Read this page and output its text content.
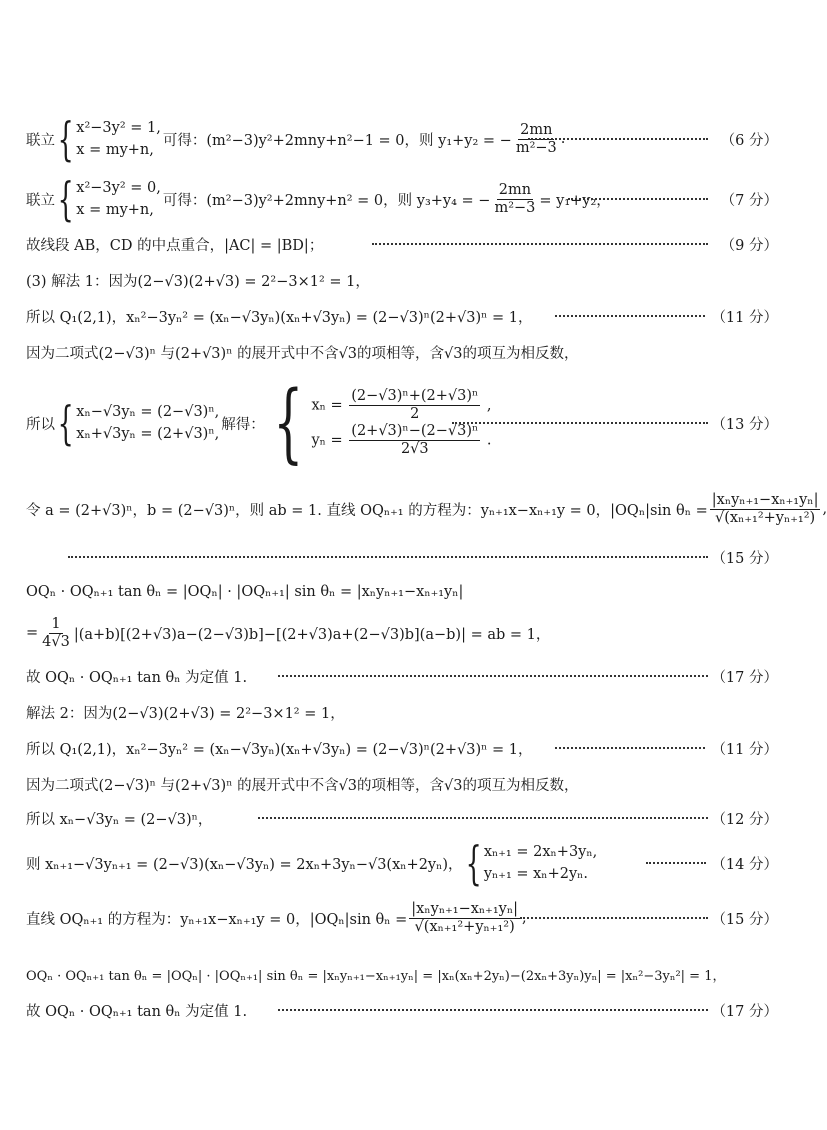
联立 { x²−3y² = 1,
x = my+n,
可得：(m²−3)y²+2mny+n²−1 = 0，则 y₁+y₂ = − $\frac{2mn}{\text{m²−3}}$ .	（6 分）
联立 { x²−3y² = 0,
x = my+n,
可得：(m²−3)y²+2mny+n² = 0，则 y₃+y₄ = − $\frac{2mn}{\text{m²−3}} = y_1+y_2$，	（7 分）
故线段 AB，CD 的中点重合，|AC| = |BD|；	（9 分）
(3) 解法 1：因为(2−√3)(2+√3) = 2²−3×1² = 1，
所以 Q₁(2,1)，xₙ²−3yₙ² = (xₙ−√3yₙ)(xₙ+√3yₙ) = (2−√3)ⁿ(2+√3)ⁿ = 1，	（11 分）
因为二项式(2−√3)ⁿ 与(2+√3)ⁿ 的展开式中不含√3的项相等，含√3的项互为相反数，
所以 { xₙ−√3yₙ = (2−√3)ⁿ,
xₙ+√3yₙ = (2+√3)ⁿ,
解得： { $x_n = \frac{\text{(2−√3)ⁿ+(2+√3)ⁿ}}{2}$ ,
$y_n = \frac{\text{(2+√3)ⁿ−(2−√3)ⁿ}}{2√3}$ .
（13 分）
令 a = (2+√3)ⁿ，b = (2−√3)ⁿ，则 ab = 1. 直线 OQₙ₊₁ 的方程为：yₙ₊₁x−xₙ₊₁y = 0，|OQₙ|sin $\theta_n = \frac{\text{|xₙyₙ₊₁−xₙ₊₁yₙ|}}{\text{√(xₙ₊₁²+yₙ₊₁²)}}$ ,
（15 分）
OQₙ · OQₙ₊₁ tan θₙ = |OQₙ| · |OQₙ₊₁| sin θₙ = |xₙyₙ₊₁−xₙ₊₁yₙ|
= $\frac{1}{4√3} |(a+b)[(2+√3)a-(2-√3)b]-[(2+√3)a+(2-√3)b](a-b)|$ = ab = 1，
故 OQₙ · OQₙ₊₁ tan θₙ 为定值 1.	（17 分）
解法 2：因为(2−√3)(2+√3) = 2²−3×1² = 1，
所以 Q₁(2,1)，xₙ²−3yₙ² = (xₙ−√3yₙ)(xₙ+√3yₙ) = (2−√3)ⁿ(2+√3)ⁿ = 1，	（11 分）
因为二项式(2−√3)ⁿ 与(2+√3)ⁿ 的展开式中不含√3的项相等，含√3的项互为相反数，
所以 xₙ−√3yₙ = (2−√3)ⁿ，	（12 分）
则 xₙ₊₁−√3yₙ₊₁ = (2−√3)(xₙ−√3yₙ) = 2xₙ+3yₙ−√3(xₙ+2yₙ)， { xₙ₊₁ = 2xₙ+3yₙ,
yₙ₊₁ = xₙ+2yₙ.
（14 分）
直线 OQₙ₊₁ 的方程为：yₙ₊₁x−xₙ₊₁y = 0，|OQₙ|sin $\theta_n = \frac{\text{|xₙyₙ₊₁−xₙ₊₁yₙ|}}{\text{√(xₙ₊₁²+yₙ₊₁²)}}$ ,	（15 分）
OQₙ · OQₙ₊₁ tan θₙ = |OQₙ| · |OQₙ₊₁| sin θₙ = |xₙyₙ₊₁−xₙ₊₁yₙ| = |xₙ(xₙ+2yₙ)−(2xₙ+3yₙ)yₙ| = |xₙ²−3yₙ²| = 1，
故 OQₙ · OQₙ₊₁ tan θₙ 为定值 1.	（17 分）
